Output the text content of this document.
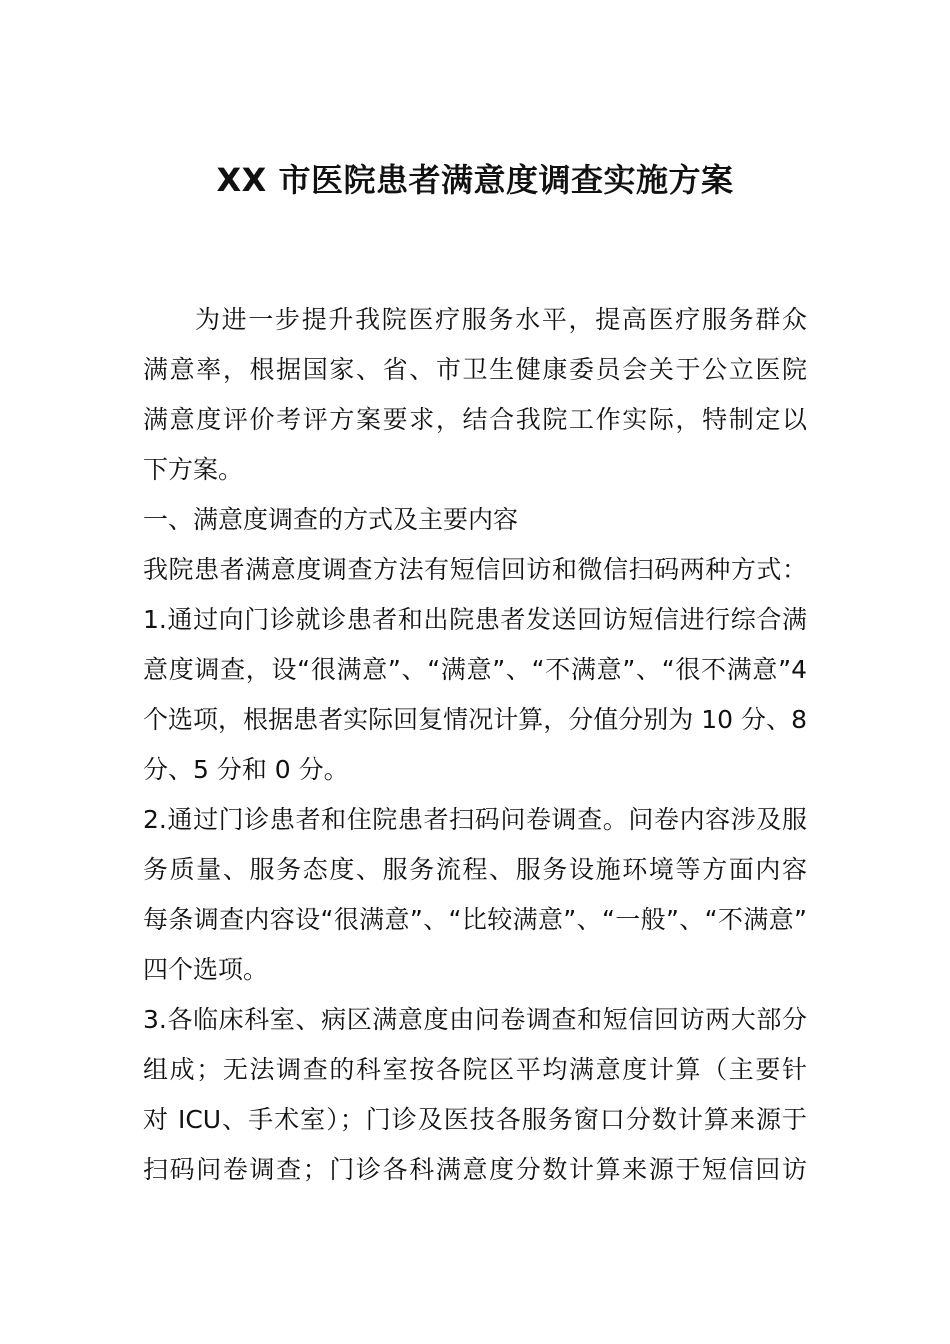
XX 市医院患者满意度调查实施方案
为进一步提升我院医疗服务水平，提高医疗服务群众
满意率，根据国家、省、市卫生健康委员会关于公立医院
满意度评价考评方案要求，结合我院工作实际，特制定以
下方案。
一、满意度调查的方式及主要内容
我院患者满意度调查方法有短信回访和微信扫码两种方式：
1.通过向门诊就诊患者和出院患者发送回访短信进行综合满
意度调查，设“很满意”、“满意”、“不满意”、“很不满意”4
个选项，根据患者实际回复情况计算，分值分别为 10 分、8
分、5 分和 0 分。
2.通过门诊患者和住院患者扫码问卷调查。问卷内容涉及服
务质量、服务态度、服务流程、服务设施环境等方面内容
每条调查内容设“很满意”、“比较满意”、“一般”、“不满意”
四个选项。
3.各临床科室、病区满意度由问卷调查和短信回访两大部分
组成；无法调查的科室按各院区平均满意度计算（主要针
对 ICU、手术室）；门诊及医技各服务窗口分数计算来源于
扫码问卷调查；门诊各科满意度分数计算来源于短信回访
